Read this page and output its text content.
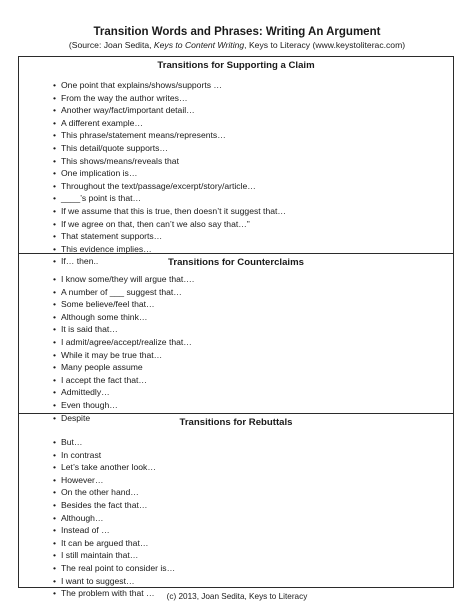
Transition Words and Phrases: Writing An Argument
(Source: Joan Sedita, Keys to Content Writing, Keys to Literacy (www.keystoliterac.com)
Transitions for Supporting a Claim
• One point that explains/shows/supports …
• From the way the author writes…
• Another way/fact/important detail…
• A different example…
• This phrase/statement means/represents…
• This detail/quote supports…
• This shows/means/reveals that
• One implication is…
• Throughout the text/passage/excerpt/story/article…
• ____’s point is that…
• If we assume that this is true, then doesn’t it suggest that…
• If we agree on that, then can’t we also say that…”
• That statement supports…
• This evidence implies…
• If… then..	Transitions for Counterclaims
• I know some/they will argue that….
• A number of ___ suggest that…
• Some believe/feel that…
• Although some think…
• It is said that…
• I admit/agree/accept/realize that…
• While it may be true that…
• Many people assume
• I accept the fact that…
• Admittedly…
• Even though…
• Despite	Transitions for Rebuttals
• But…
• In contrast
• Let’s take another look…
• However…
• On the other hand…
• Besides the fact that…
• Although…
• Instead of …
• It can be argued that…
• I still maintain that…
• The real point to consider is…
• I want to suggest…
• The problem with that …	(c) 2013, Joan Sedita, Keys to Literacy
